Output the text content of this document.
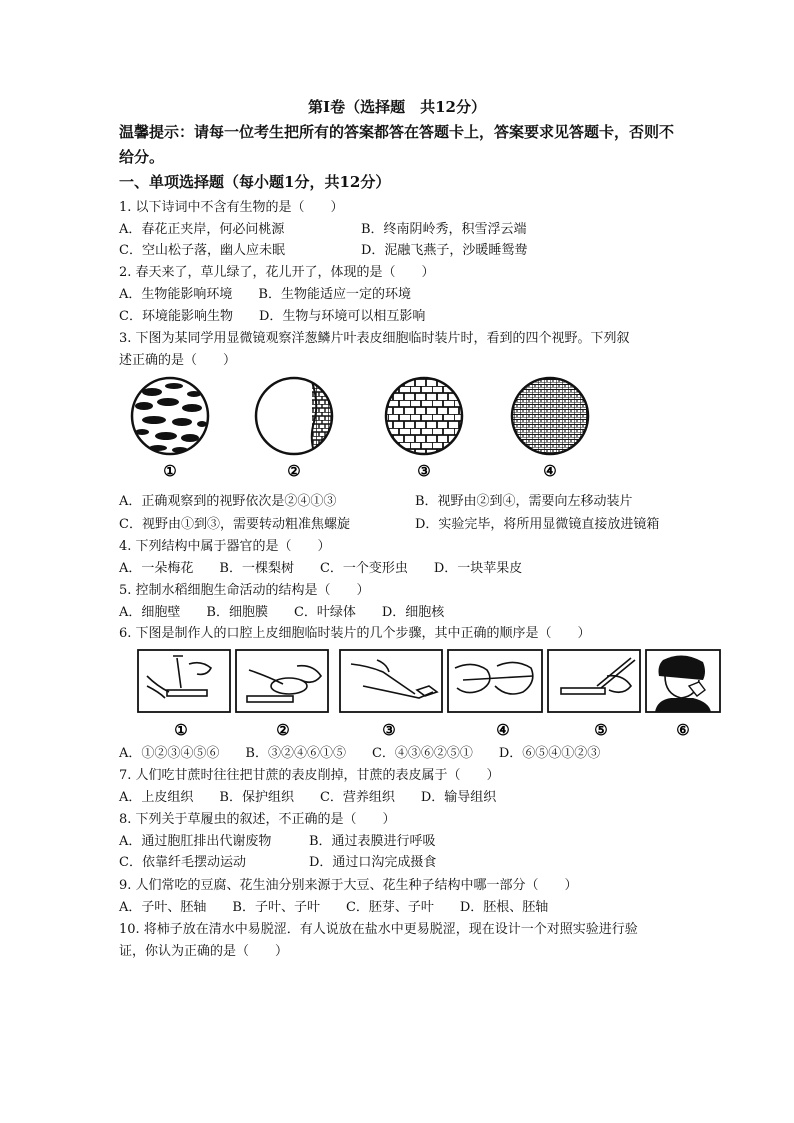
第Ⅰ卷（选择题　共12分）
温馨提示：请每一位考生把所有的答案都答在答题卡上，答案要求见答题卡，否则不给分。
一、单项选择题（每小题1分，共12分）
1. 以下诗词中不含有生物的是（　　）
A．春花正夹岸，何必问桃源	B．终南阴岭秀，积雪浮云端
C．空山松子落，幽人应未眠	D．泥融飞燕子，沙暖睡鸳鸯
2. 春天来了，草儿绿了，花儿开了，体现的是（　　）
A．生物能影响环境　　B．生物能适应一定的环境
C．环境能影响生物　　D．生物与环境可以相互影响
3. 下图为某同学用显微镜观察洋葱鳞片叶表皮细胞临时装片时，看到的四个视野。下列叙
述正确的是（　　）
①	②	③	④
A．正确观察到的视野依次是②④①③	B．视野由②到④，需要向左移动装片
C．视野由①到③，需要转动粗准焦螺旋	D．实验完毕，将所用显微镜直接放进镜箱
4. 下列结构中属于器官的是（　　）
A．一朵梅花　　B．一棵梨树　　C．一个变形虫　　D．一块苹果皮
5. 控制水稻细胞生命活动的结构是（　　）
A．细胞壁　　B．细胞膜　　C．叶绿体　　D．细胞核
6. 下图是制作人的口腔上皮细胞临时装片的几个步骤，其中正确的顺序是（　　）
①	②	③	④	⑤	⑥
A．①②③④⑤⑥　　B．③②④⑥①⑤　　C．④③⑥②⑤①　　D．⑥⑤④①②③
7. 人们吃甘蔗时往往把甘蔗的表皮削掉，甘蔗的表皮属于（　　）
A．上皮组织　　B．保护组织　　C．营养组织　　D．输导组织
8. 下列关于草履虫的叙述，不正确的是（　　）
A．通过胞肛排出代谢废物	B．通过表膜进行呼吸
C．依靠纤毛摆动运动	D．通过口沟完成摄食
9. 人们常吃的豆腐、花生油分别来源于大豆、花生种子结构中哪一部分（　　）
A．子叶、胚轴　　B．子叶、子叶　　C．胚芽、子叶　　D．胚根、胚轴
10. 将柿子放在清水中易脱涩．有人说放在盐水中更易脱涩，现在设计一个对照实验进行验
证，你认为正确的是（　　）
